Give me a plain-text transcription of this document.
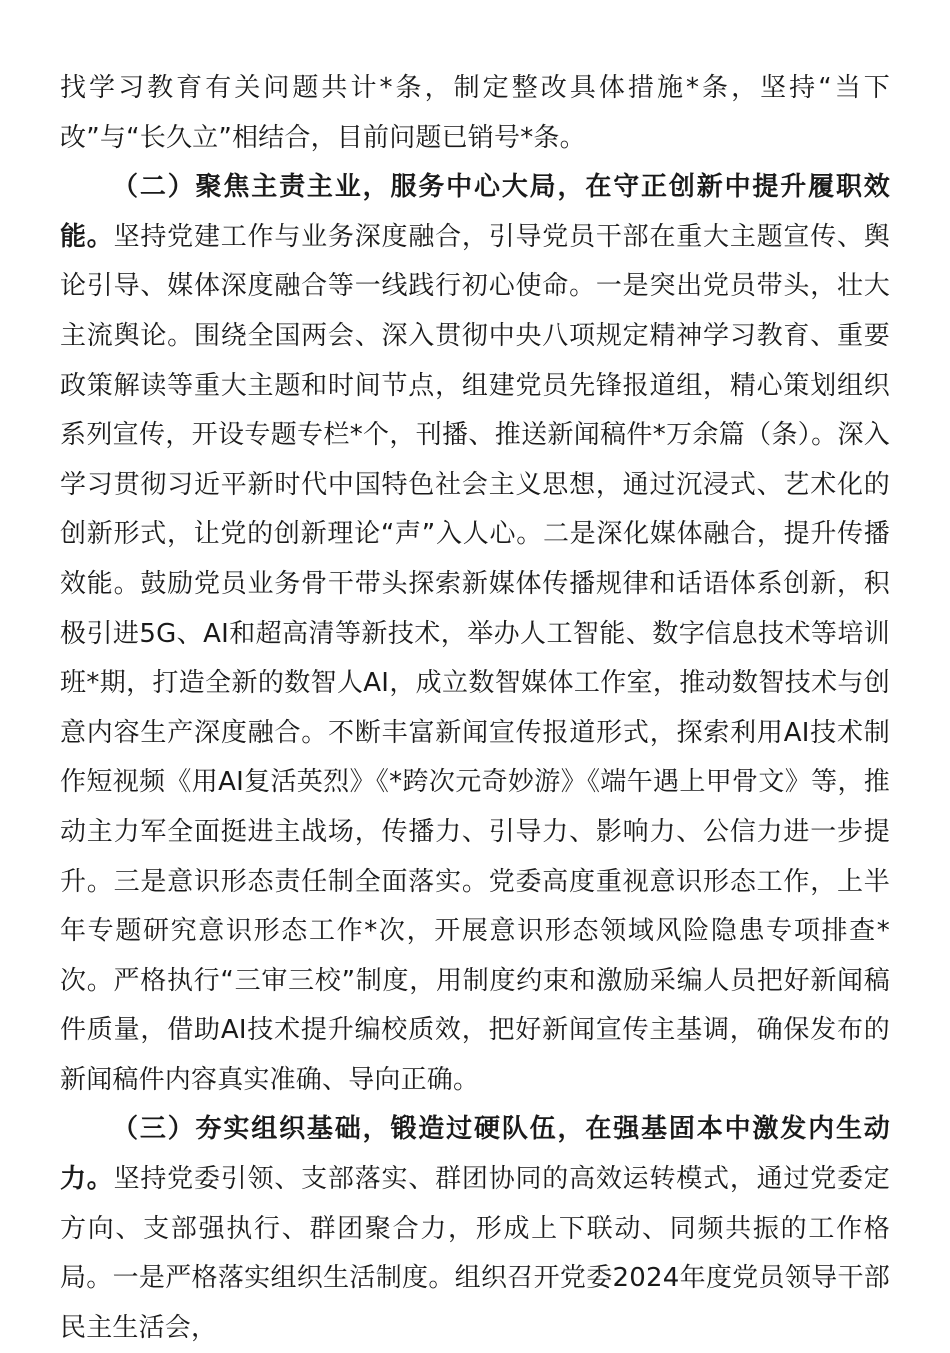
找学习教育有关问题共计*条，制定整改具体措施*条，坚持“当下改”与“长久立”相结合，目前问题已销号*条。

（二）聚焦主责主业，服务中心大局，在守正创新中提升履职效能。坚持党建工作与业务深度融合，引导党员干部在重大主题宣传、舆论引导、媒体深度融合等一线践行初心使命。一是突出党员带头，壮大主流舆论。围绕全国两会、深入贯彻中央八项规定精神学习教育、重要政策解读等重大主题和时间节点，组建党员先锋报道组，精心策划组织系列宣传，开设专题专栏*个，刊播、推送新闻稿件*万余篇（条）。深入学习贯彻习近平新时代中国特色社会主义思想，通过沉浸式、艺术化的创新形式，让党的创新理论“声”入人心。二是深化媒体融合，提升传播效能。鼓励党员业务骨干带头探索新媒体传播规律和话语体系创新，积极引进5G、AI和超高清等新技术，举办人工智能、数字信息技术等培训班*期，打造全新的数智人AI，成立数智媒体工作室，推动数智技术与创意内容生产深度融合。不断丰富新闻宣传报道形式，探索利用AI技术制作短视频《用AI复活英烈》《*跨次元奇妙游》《端午遇上甲骨文》等，推动主力军全面挺进主战场，传播力、引导力、影响力、公信力进一步提升。三是意识形态责任制全面落实。党委高度重视意识形态工作，上半年专题研究意识形态工作*次，开展意识形态领域风险隐患专项排查*次。严格执行“三审三校”制度，用制度约束和激励采编人员把好新闻稿件质量，借助AI技术提升编校质效，把好新闻宣传主基调，确保发布的新闻稿件内容真实准确、导向正确。

（三）夯实组织基础，锻造过硬队伍，在强基固本中激发内生动力。坚持党委引领、支部落实、群团协同的高效运转模式，通过党委定方向、支部强执行、群团聚合力，形成上下联动、同频共振的工作格局。一是严格落实组织生活制度。组织召开党委2024年度党员领导干部民主生活会，
